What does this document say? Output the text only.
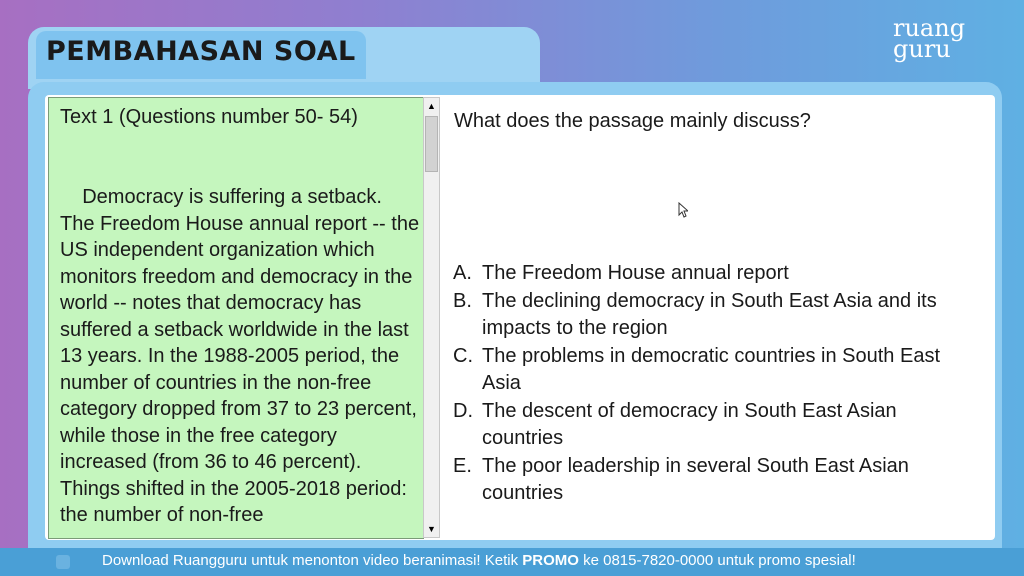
PEMBAHASAN SOAL
ruang
guru

Text 1 (Questions number 50- 54)

Democracy is suffering a setback. The Freedom House annual report -- the US independent organization which monitors freedom and democracy in the world -- notes that democracy has suffered a setback worldwide in the last 13 years. In the 1988-2005 period, the number of countries in the non-free category dropped from 37 to 23 percent, while those in the free category increased (from 36 to 46 percent). Things shifted in the 2005-2018 period: the number of non-free

▲
▼

What does the passage mainly discuss?

A. The Freedom House annual report
B. The declining democracy in South East Asia and its impacts to the region
C. The problems in democratic countries in South East Asia
D. The descent of democracy in South East Asian countries
E. The poor leadership in several South East Asian countries

Download Ruangguru untuk menonton video beranimasi! Ketik PROMO ke 0815-7820-0000 untuk promo spesial!
